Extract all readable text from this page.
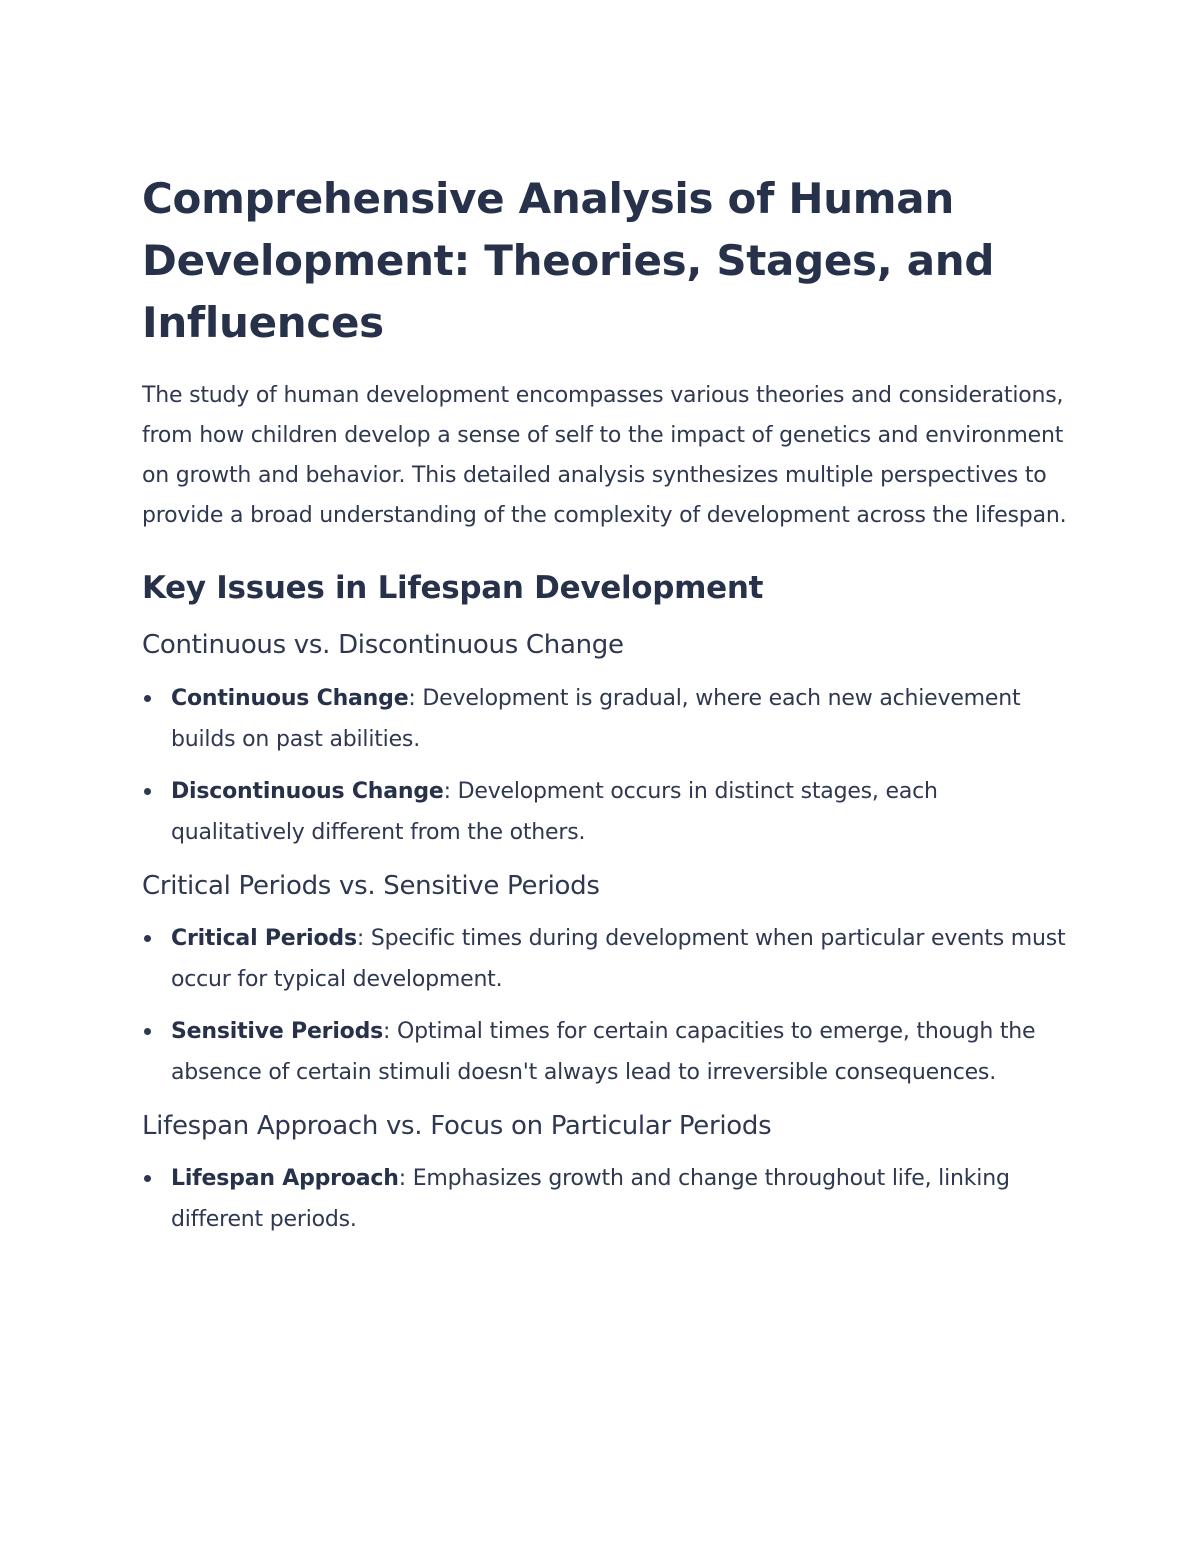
Comprehensive Analysis of Human Development: Theories, Stages, and Influences

The study of human development encompasses various theories and considerations, from how children develop a sense of self to the impact of genetics and environment on growth and behavior. This detailed analysis synthesizes multiple perspectives to provide a broad understanding of the complexity of development across the lifespan.

Key Issues in Lifespan Development
Continuous vs. Discontinuous Change
Continuous Change: Development is gradual, where each new achievement builds on past abilities.
Discontinuous Change: Development occurs in distinct stages, each qualitatively different from the others.
Critical Periods vs. Sensitive Periods
Critical Periods: Specific times during development when particular events must occur for typical development.
Sensitive Periods: Optimal times for certain capacities to emerge, though the absence of certain stimuli doesn't always lead to irreversible consequences.
Lifespan Approach vs. Focus on Particular Periods
Lifespan Approach: Emphasizes growth and change throughout life, linking different periods.
